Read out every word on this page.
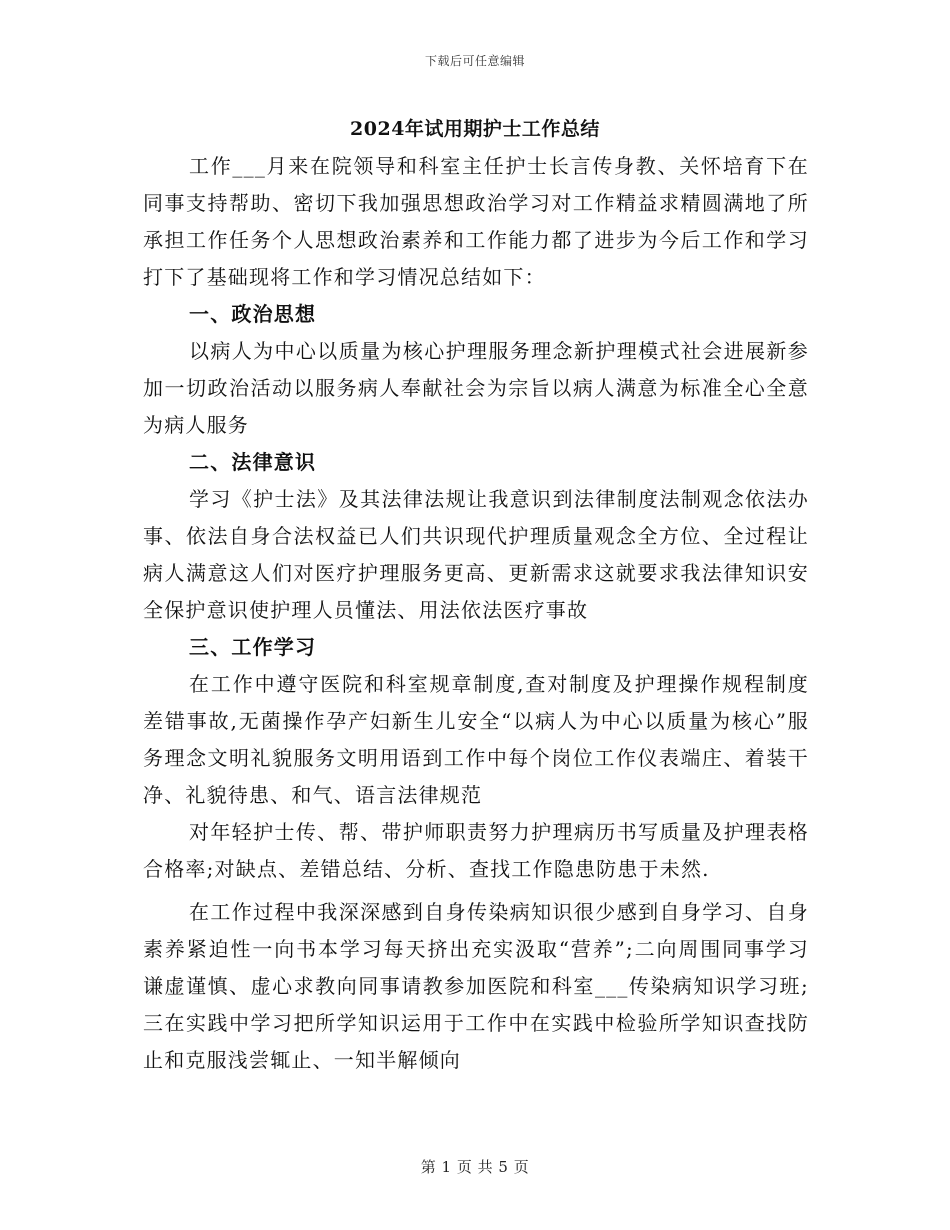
下载后可任意编辑
2024年试用期护士工作总结

工作___月来在院领导和科室主任护士长言传身教、关怀培育下在同事支持帮助、密切下我加强思想政治学习对工作精益求精圆满地了所承担工作任务个人思想政治素养和工作能力都了进步为今后工作和学习打下了基础现将工作和学习情况总结如下：

一、政治思想

以病人为中心以质量为核心护理服务理念新护理模式社会进展新参加一切政治活动以服务病人奉献社会为宗旨以病人满意为标准全心全意为病人服务

二、法律意识

学习《护士法》及其法律法规让我意识到法律制度法制观念依法办事、依法自身合法权益已人们共识现代护理质量观念全方位、全过程让病人满意这人们对医疗护理服务更高、更新需求这就要求我法律知识安全保护意识使护理人员懂法、用法依法医疗事故

三、工作学习

在工作中遵守医院和科室规章制度,查对制度及护理操作规程制度差错事故,无菌操作孕产妇新生儿安全“以病人为中心以质量为核心”服务理念文明礼貌服务文明用语到工作中每个岗位工作仪表端庄、着装干净、礼貌待患、和气、语言法律规范

对年轻护士传、帮、带护师职责努力护理病历书写质量及护理表格合格率;对缺点、差错总结、分析、查找工作隐患防患于未然.

在工作过程中我深深感到自身传染病知识很少感到自身学习、自身素养紧迫性一向书本学习每天挤出充实汲取“营养”;二向周围同事学习谦虚谨慎、虚心求教向同事请教参加医院和科室___传染病知识学习班;三在实践中学习把所学知识运用于工作中在实践中检验所学知识查找防止和克服浅尝辄止、一知半解倾向

第 1 页 共 5 页
